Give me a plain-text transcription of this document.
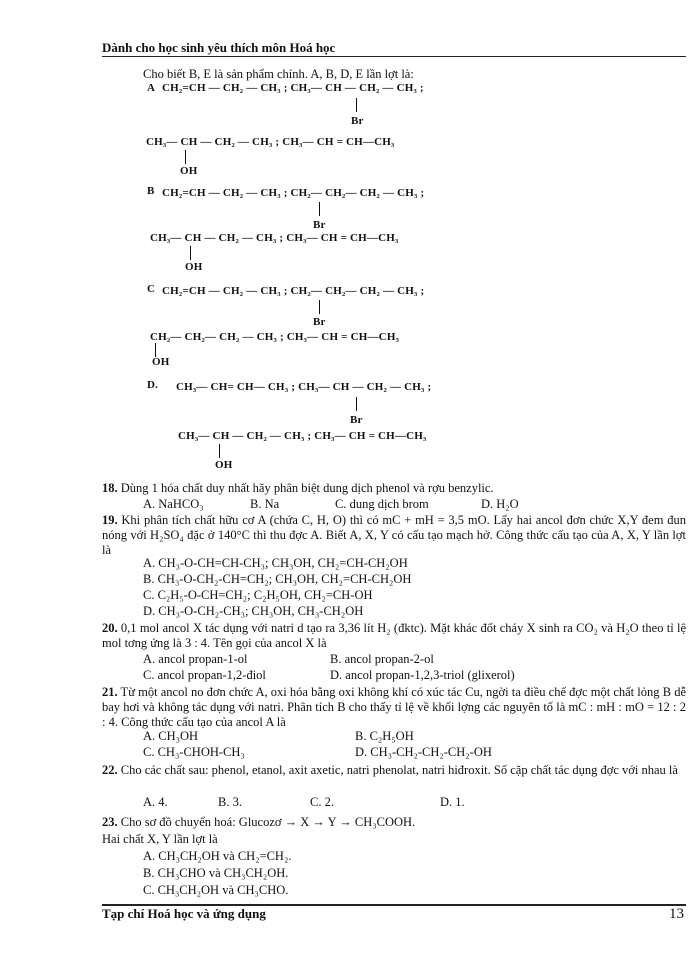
Dành cho học sinh yêu thích môn Hoá học
Cho biết B, E là sản phẩm chính. A, B, D, E lần lợt là:
A CH₂=CH — CH₂ — CH₃ ; CH₃— CH — CH₂ — CH₃ ;
Br
CH₃— CH — CH₂ — CH₃ ; CH₃— CH = CH—CH₃
OH
B CH₂=CH — CH₂ — CH₃ ; CH₂— CH₂— CH₂ — CH₃ ;
Br
CH₃— CH — CH₂ — CH₃ ; CH₃— CH = CH—CH₃
OH
C CH₂=CH — CH₂ — CH₃ ; CH₂— CH₂— CH₂ — CH₃ ;
Br
CH₂— CH₂— CH₂ — CH₃ ; CH₃— CH = CH—CH₃
OH
D. CH₃— CH= CH— CH₃ ; CH₃— CH — CH₂ — CH₃ ;
Br
CH₃— CH — CH₂ — CH₃ ; CH₃— CH = CH—CH₃
OH
18. Dùng 1 hóa chất duy nhất hãy phân biệt dung dịch phenol và rợu benzylic.
A. NaHCO₃	B. Na	C. dung dịch brom	D. H₂O
19. Khi phân tích chất hữu cơ A (chứa C, H, O) thì có mC + mH = 3,5 mO. Lấy hai ancol đơn chức X,Y đem đun nóng với H₂SO₄ đặc ở 140°C thì thu đợc A. Biết A, X, Y có cấu tạo mạch hở. Công thức cấu tạo của A, X, Y lần lợt là
A. CH₃-O-CH=CH-CH₃; CH₃OH, CH₂=CH-CH₂OH
B. CH₃-O-CH₂-CH=CH₂; CH₃OH, CH₂=CH-CH₂OH
C. C₂H₅-O-CH=CH₂; C₂H₅OH, CH₂=CH-OH
D. CH₃-O-CH₂-CH₃; CH₃OH, CH₃-CH₂OH
20. 0,1 mol ancol X tác dụng với natri d tạo ra 3,36 lít H₂ (đktc). Mặt khác đốt cháy X sinh ra CO₂ và H₂O theo tỉ lệ mol tơng ứng là 3 : 4. Tên gọi của ancol X là
A. ancol propan-1-ol	B. ancol propan-2-ol
C. ancol propan-1,2-điol	D. ancol propan-1,2,3-triol (glixerol)
21. Từ một ancol no đơn chức A, oxi hóa bằng oxi không khí có xúc tác Cu, ngời ta điều chế đợc một chất lỏng B dễ bay hơi và không tác dụng với natri. Phân tích B cho thấy tỉ lệ về khối lợng các nguyên tố là mC : mH : mO = 12 : 2 : 4. Công thức cấu tạo của ancol A là
A. CH₃OH	B. C₂H₅OH
C. CH₃-CHOH-CH₃	D. CH₃-CH₂-CH₂-CH₂-OH
22. Cho các chất sau: phenol, etanol, axit axetic, natri phenolat, natri hiđroxit. Số cặp chất tác dụng đợc với nhau là
A. 4.	B. 3.	C. 2.	D. 1.
23. Cho sơ đồ chuyển hoá: Glucozơ → X → Y → CH₃COOH.
Hai chất X, Y lần lợt là
A. CH₃CH₂OH và CH₂=CH₂.
B. CH₃CHO và CH₃CH₂OH.
C. CH₃CH₂OH và CH₃CHO.
Tạp chí Hoá học và ứng dụng	13
